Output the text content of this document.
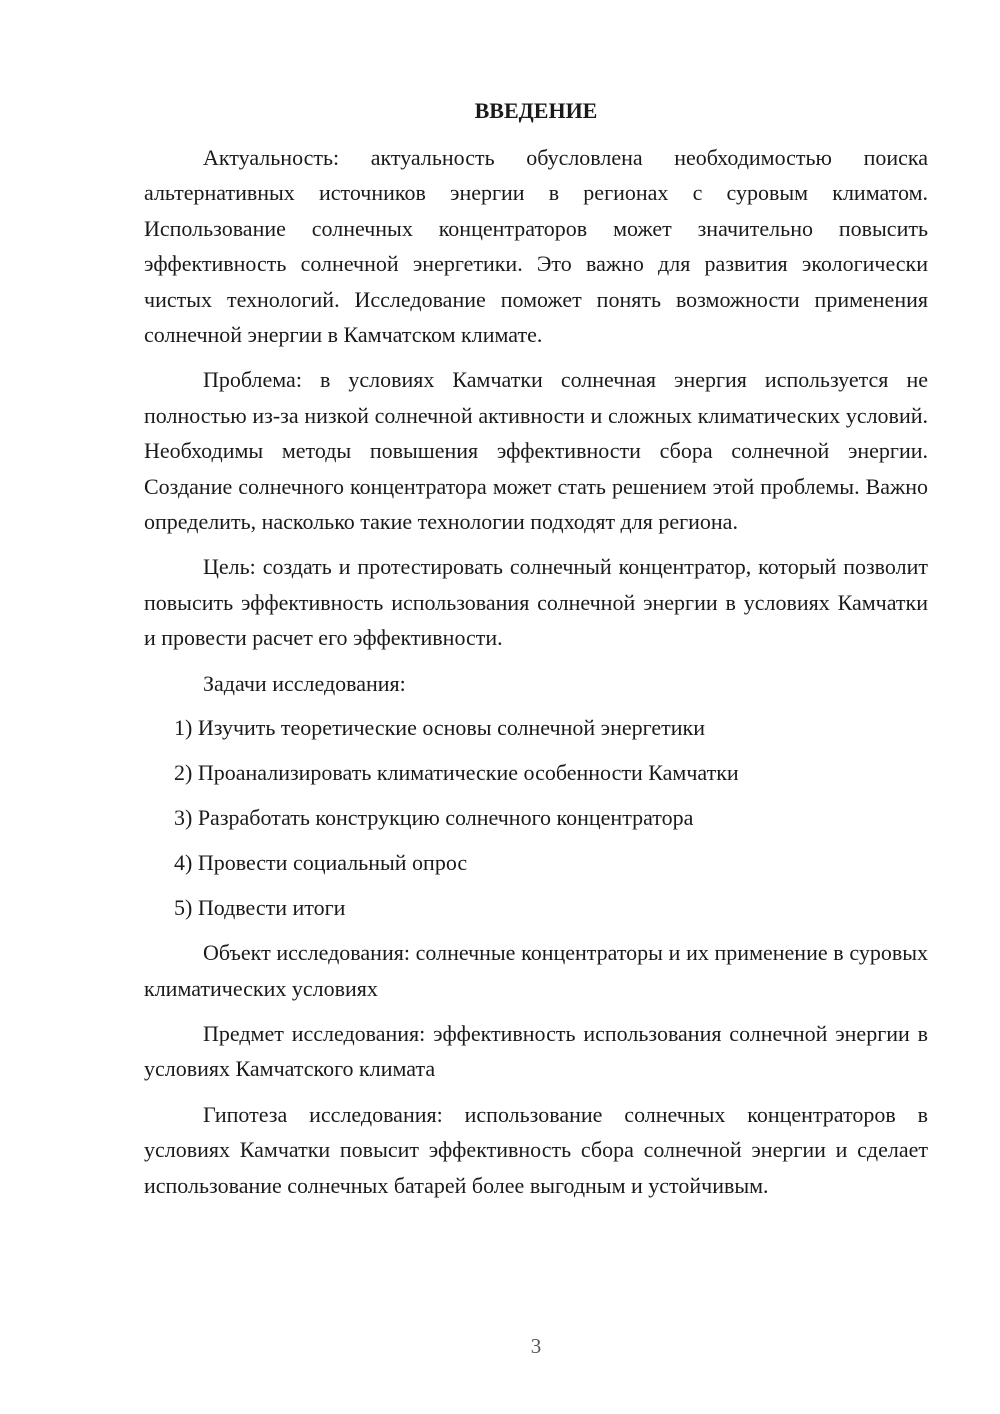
ВВЕДЕНИЕ

Актуальность: актуальность обусловлена необходимостью поиска альтернативных источников энергии в регионах с суровым климатом. Использование солнечных концентраторов может значительно повысить эффективность солнечной энергетики. Это важно для развития экологически чистых технологий. Исследование поможет понять возможности применения солнечной энергии в Камчатском климате.

Проблема: в условиях Камчатки солнечная энергия используется не полностью из-за низкой солнечной активности и сложных климатических условий. Необходимы методы повышения эффективности сбора солнечной энергии. Создание солнечного концентратора может стать решением этой проблемы. Важно определить, насколько такие технологии подходят для региона.

Цель: создать и протестировать солнечный концентратор, который позволит повысить эффективность использования солнечной энергии в условиях Камчатки и провести расчет его эффективности.

Задачи исследования:

1) Изучить теоретические основы солнечной энергетики
2) Проанализировать климатические особенности Камчатки
3) Разработать конструкцию солнечного концентратора
4) Провести социальный опрос
5) Подвести итоги

Объект исследования: солнечные концентраторы и их применение в суровых климатических условиях

Предмет исследования: эффективность использования солнечной энергии в условиях Камчатского климата

Гипотеза исследования: использование солнечных концентраторов в условиях Камчатки повысит эффективность сбора солнечной энергии и сделает использование солнечных батарей более выгодным и устойчивым.

3
